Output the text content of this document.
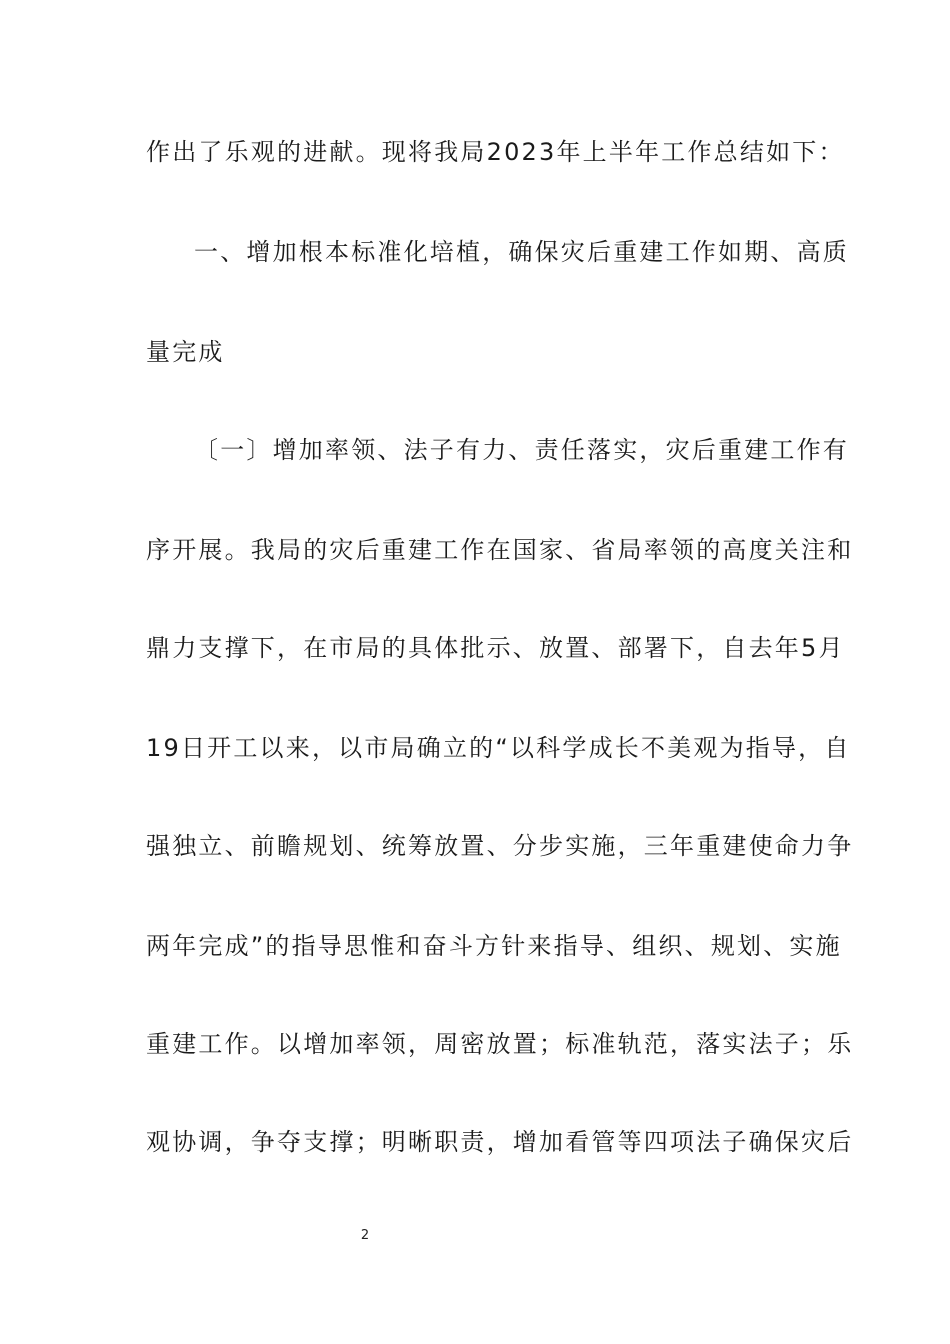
作出了乐观的进献。现将我局2023年上半年工作总结如下：
一、增加根本标准化培植，确保灾后重建工作如期、高质
量完成
〔一〕增加率领、法子有力、责任落实，灾后重建工作有
序开展。我局的灾后重建工作在国家、省局率领的高度关注和
鼎力支撑下，在市局的具体批示、放置、部署下，自去年5月
19日开工以来，以市局确立的“以科学成长不美观为指导，自
强独立、前瞻规划、统筹放置、分步实施，三年重建使命力争
两年完成”的指导思惟和奋斗方针来指导、组织、规划、实施
重建工作。以增加率领，周密放置；标准轨范，落实法子；乐
观协调，争夺支撑；明晰职责，增加看管等四项法子确保灾后
2
